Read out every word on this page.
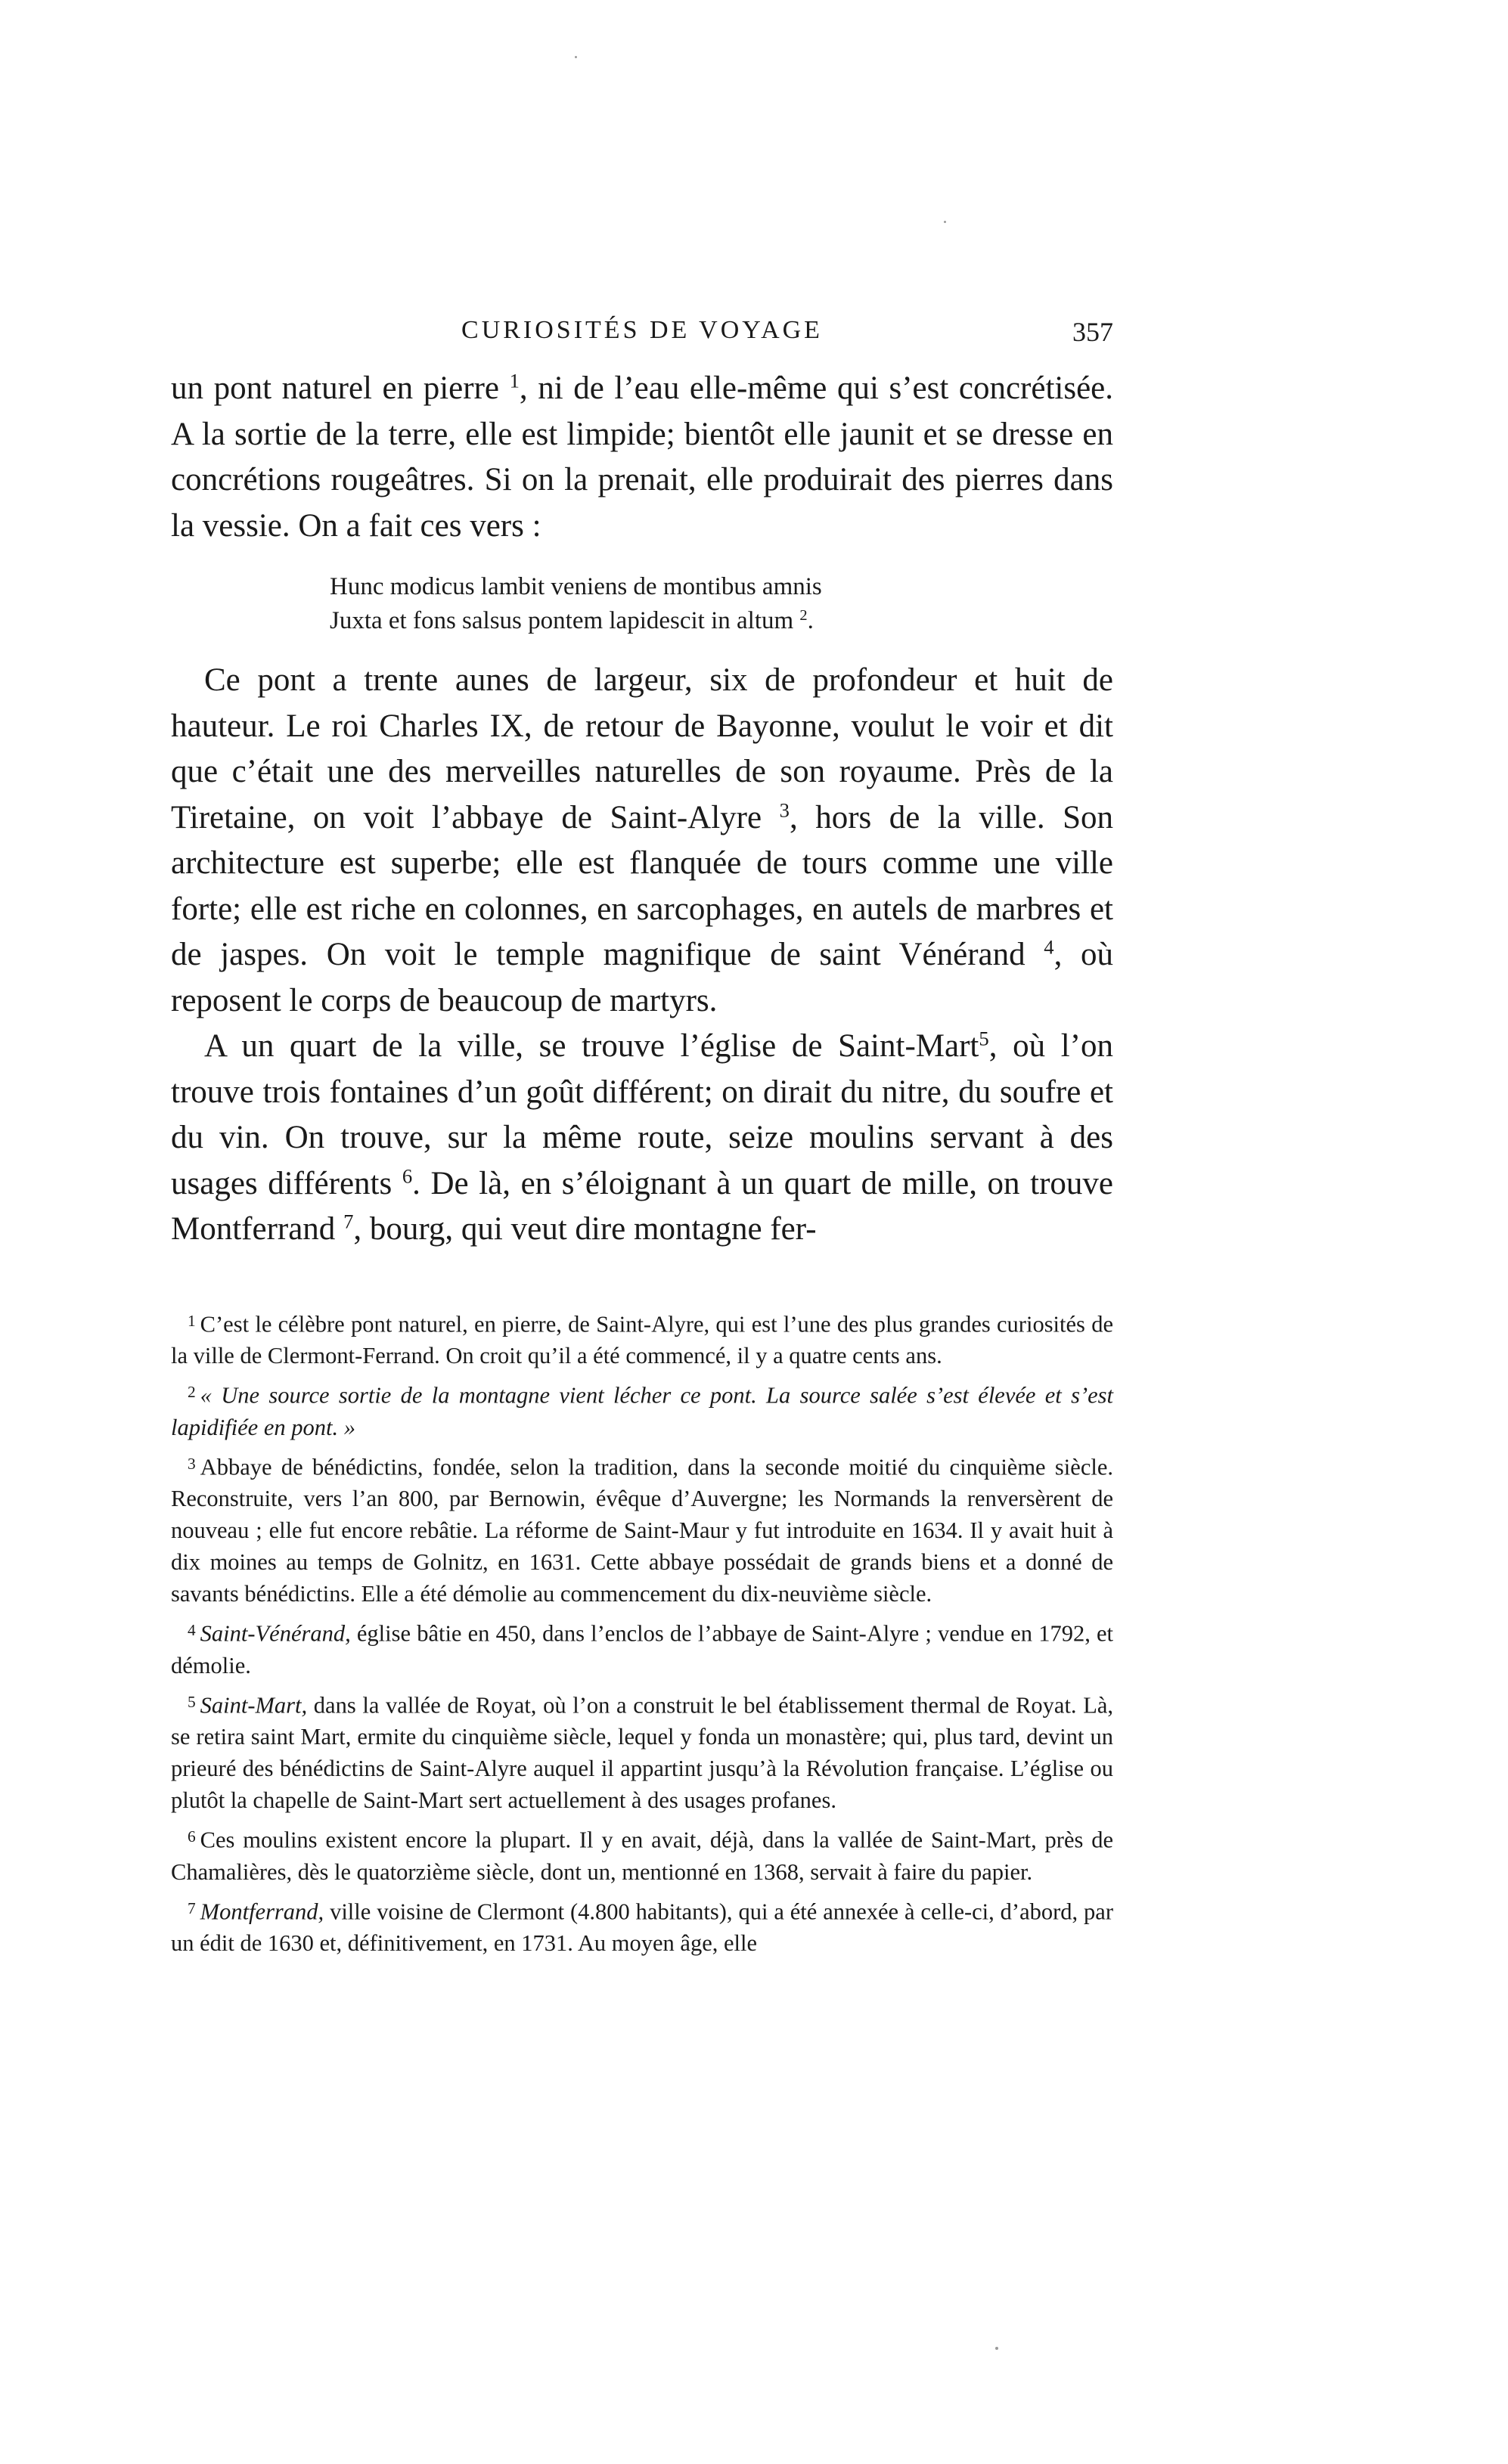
CURIOSITÉS DE VOYAGE	357

un pont naturel en pierre $^1$, ni de l’eau elle-même qui s’est concrétisée. A la sortie de la terre, elle est limpide; bientôt elle jaunit et se dresse en concrétions rougeâtres. Si on la prenait, elle produirait des pierres dans la vessie. On a fait ces vers :

Hunc modicus lambit veniens de montibus amnis
Juxta et fons salsus pontem lapidescit in altum $^2$.

Ce pont a trente aunes de largeur, six de profondeur et huit de hauteur. Le roi Charles IX, de retour de Bayonne, voulut le voir et dit que c’était une des merveilles naturelles de son royaume. Près de la Tiretaine, on voit l’abbaye de Saint-Alyre $^3$, hors de la ville. Son architecture est superbe; elle est flanquée de tours comme une ville forte; elle est riche en colonnes, en sarcophages, en autels de marbres et de jaspes. On voit le temple magnifique de saint Vénérand $^4$, où reposent le corps de beaucoup de martyrs.

A un quart de la ville, se trouve l’église de Saint-Mart$^5$, où l’on trouve trois fontaines d’un goût différent; on dirait du nitre, du soufre et du vin. On trouve, sur la même route, seize moulins servant à des usages différents $^6$. De là, en s’éloignant à un quart de mille, on trouve Montferrand $^7$, bourg, qui veut dire montagne fer-

$^1$ C’est le célèbre pont naturel, en pierre, de Saint-Alyre, qui est l’une des plus grandes curiosités de la ville de Clermont-Ferrand. On croit qu’il a été commencé, il y a quatre cents ans.

$^2$ « Une source sortie de la montagne vient lécher ce pont. La source salée s’est élevée et s’est lapidifiée en pont. »

$^3$ Abbaye de bénédictins, fondée, selon la tradition, dans la seconde moitié du cinquième siècle. Reconstruite, vers l’an 800, par Bernowin, évêque d’Auvergne; les Normands la renversèrent de nouveau ; elle fut encore rebâtie. La réforme de Saint-Maur y fut introduite en 1634. Il y avait huit à dix moines au temps de Golnitz, en 1631. Cette abbaye possédait de grands biens et a donné de savants bénédictins. Elle a été démolie au commencement du dix-neuvième siècle.

$^4$ Saint-Vénérand, église bâtie en 450, dans l’enclos de l’abbaye de Saint-Alyre ; vendue en 1792, et démolie.

$^5$ Saint-Mart, dans la vallée de Royat, où l’on a construit le bel établissement thermal de Royat. Là, se retira saint Mart, ermite du cinquième siècle, lequel y fonda un monastère; qui, plus tard, devint un prieuré des bénédictins de Saint-Alyre auquel il appartint jusqu’à la Révolution française. L’église ou plutôt la chapelle de Saint-Mart sert actuellement à des usages profanes.

$^6$ Ces moulins existent encore la plupart. Il y en avait, déjà, dans la vallée de Saint-Mart, près de Chamalières, dès le quatorzième siècle, dont un, mentionné en 1368, servait à faire du papier.

$^7$ Montferrand, ville voisine de Clermont (4.800 habitants), qui a été annexée à celle-ci, d’abord, par un édit de 1630 et, définitivement, en 1731. Au moyen âge, elle
